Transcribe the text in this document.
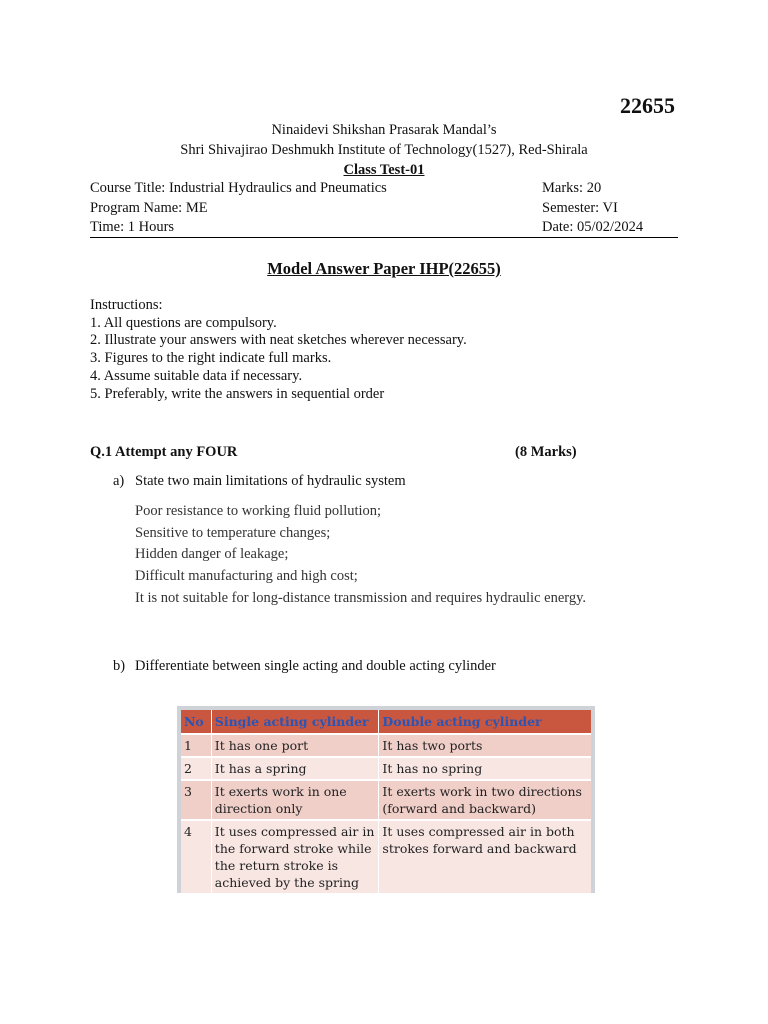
22655
Ninaidevi Shikshan Prasarak Mandal’s
Shri Shivajirao Deshmukh Institute of Technology(1527), Red-Shirala
Class Test-01
Course Title: Industrial Hydraulics and Pneumatics	Marks: 20
Program Name: ME	Semester: VI
Time: 1 Hours	Date: 05/02/2024
Model Answer Paper IHP(22655)
Instructions:
1. All questions are compulsory.
2. Illustrate your answers with neat sketches wherever necessary.
3. Figures to the right indicate full marks.
4. Assume suitable data if necessary.
5. Preferably, write the answers in sequential order
Q.1 Attempt any FOUR	(8 Marks)
a) State two main limitations of hydraulic system
Poor resistance to working fluid pollution;
Sensitive to temperature changes;
Hidden danger of leakage;
Difficult manufacturing and high cost;
It is not suitable for long-distance transmission and requires hydraulic energy.
b) Differentiate between single acting and double acting cylinder
No	Single acting cylinder	Double acting cylinder
1	It has one port	It has two ports
2	It has a spring	It has no spring
3	It exerts work in one direction only	It exerts work in two directions (forward and backward)
4	It uses compressed air in the forward stroke while the return stroke is achieved by the spring	It uses compressed air in both strokes forward and backward
